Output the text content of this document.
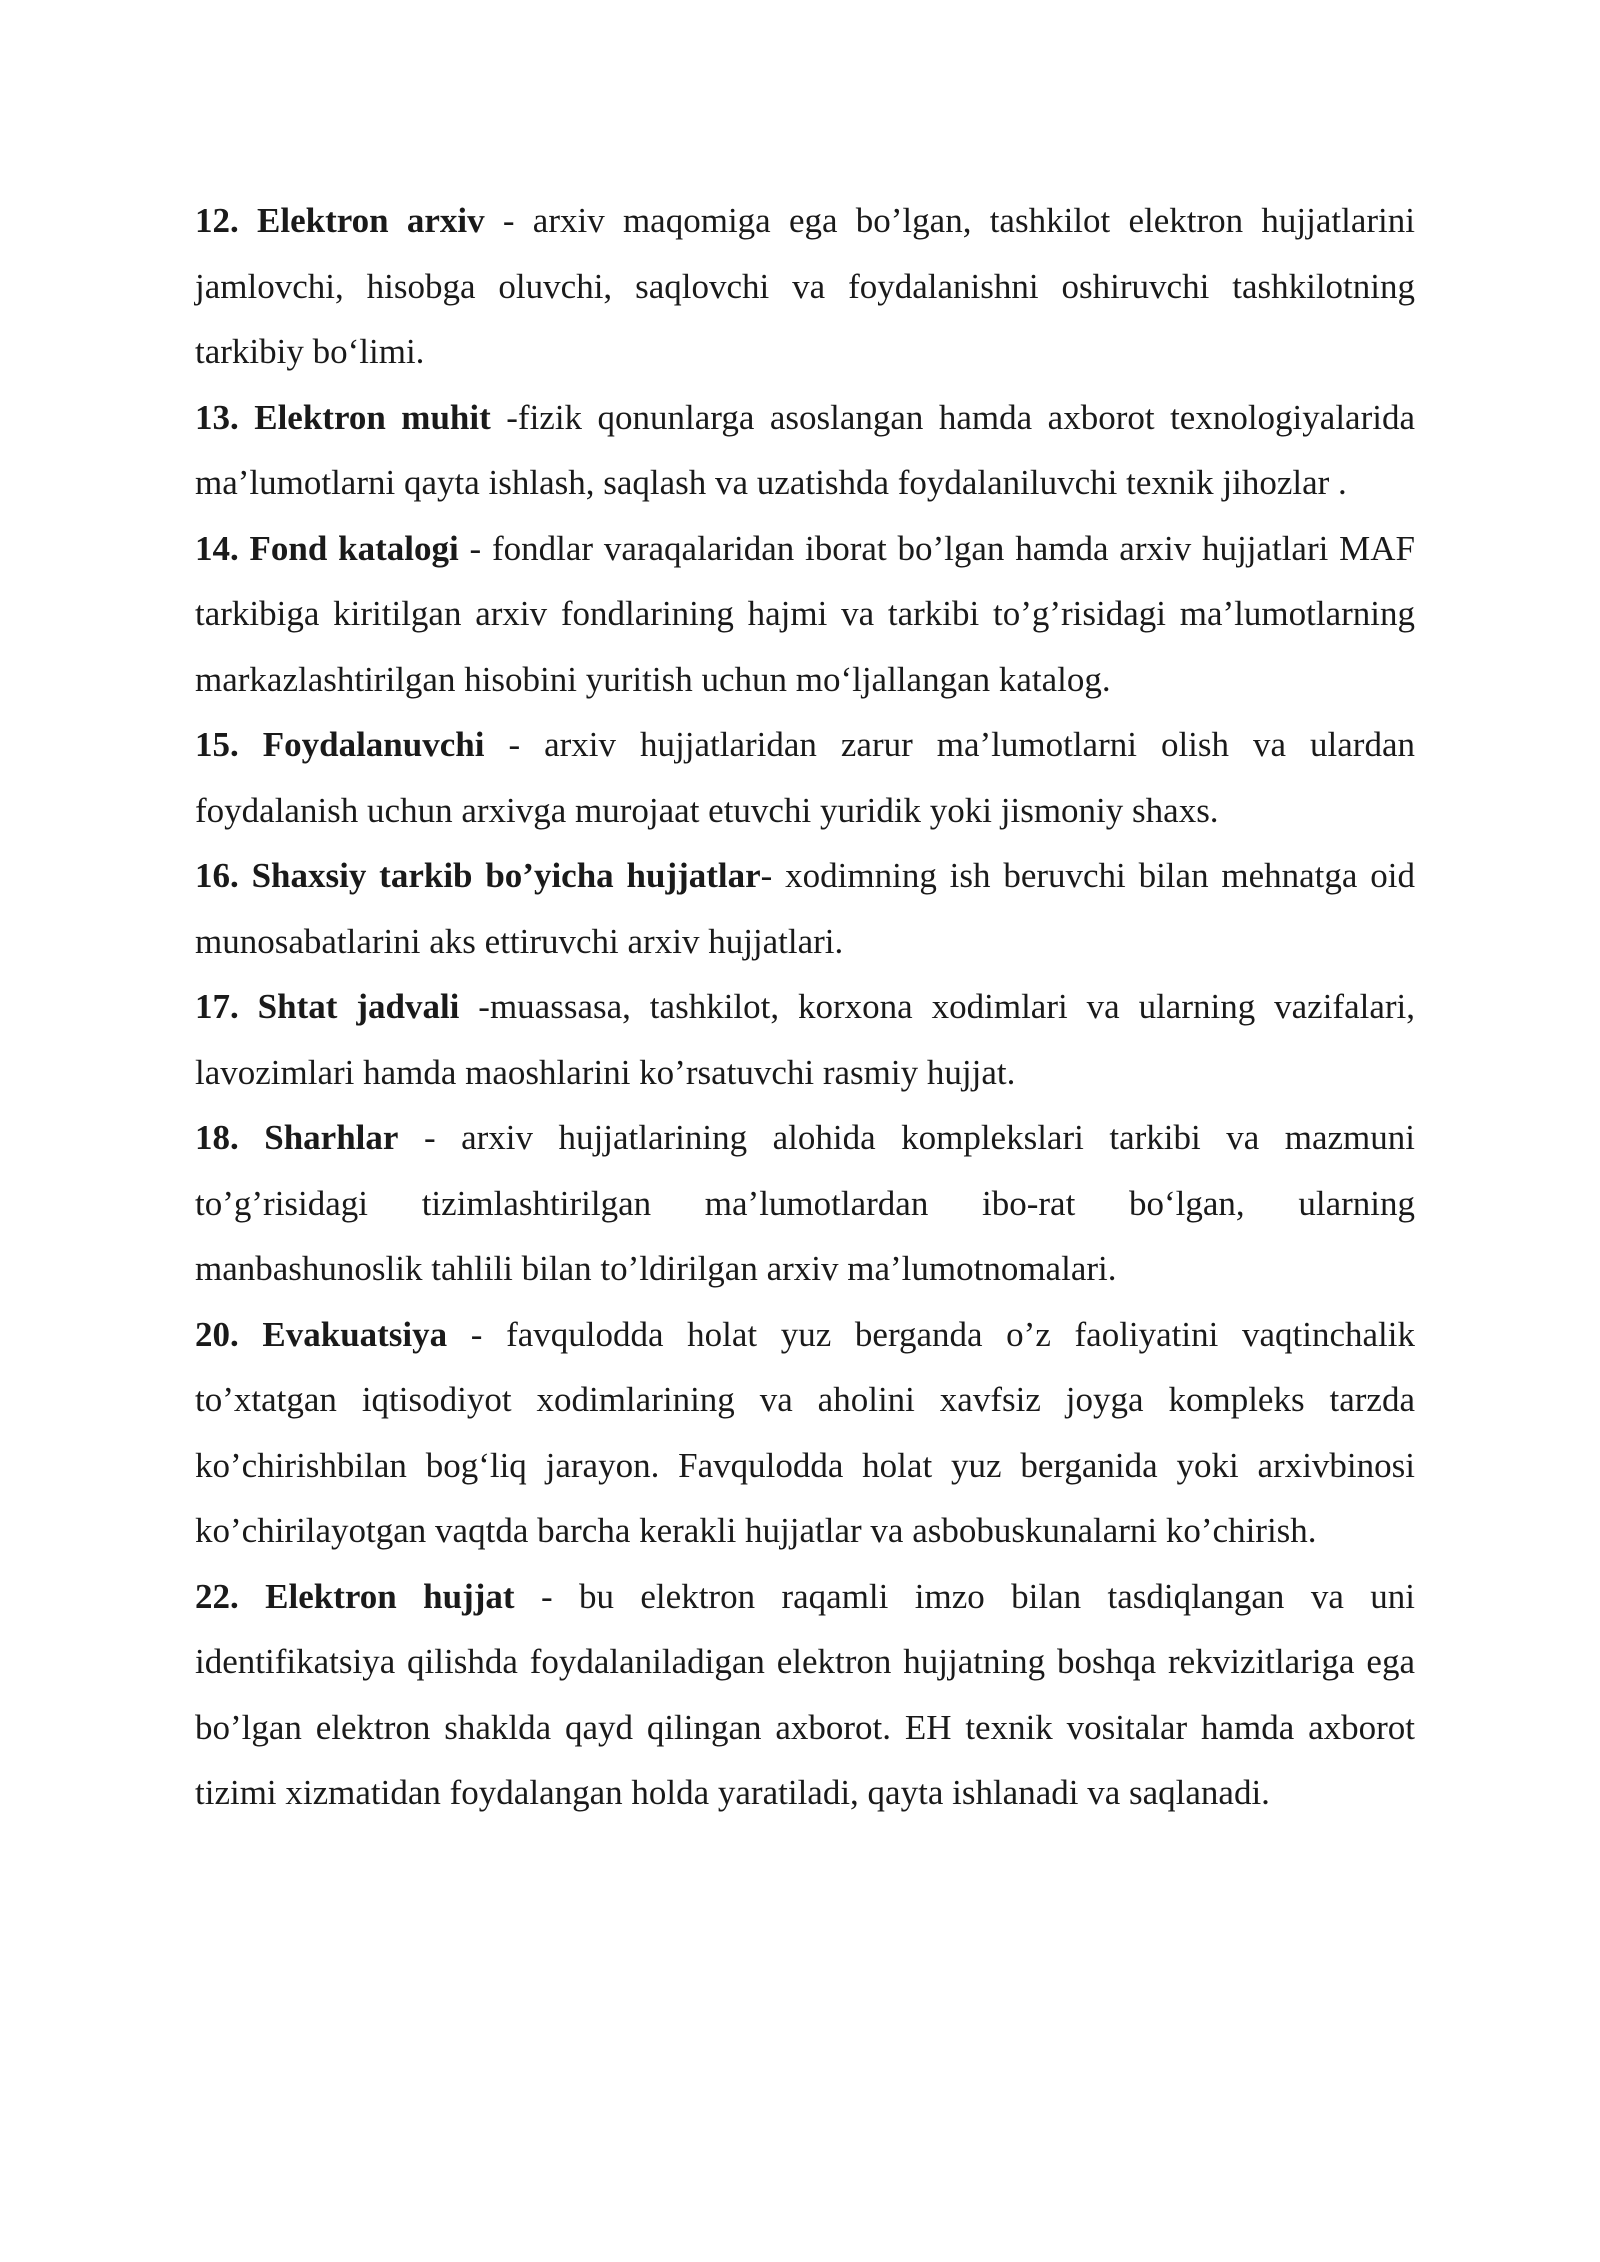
12. Elektron arxiv - arxiv maqomiga ega bo’lgan, tashkilot elektron hujjatlarini jamlovchi, hisobga oluvchi, saqlovchi va foydalanishni oshiruvchi tashkilotning tarkibiy bo‘limi.

13. Elektron muhit -fizik qonunlarga asoslangan hamda axborot texnologiyalarida ma’lumotlarni qayta ishlash, saqlash va uzatishda foydalaniluvchi texnik jihozlar .

14. Fond katalogi - fondlar varaqalaridan iborat bo’lgan hamda arxiv hujjatlari MAF tarkibiga kiritilgan arxiv fondlarining hajmi va tarkibi to’g’risidagi ma’lumotlarning markazlashtirilgan hisobini yuritish uchun mo‘ljallangan katalog.

15. Foydalanuvchi - arxiv hujjatlaridan zarur ma’lumotlarni olish va ulardan foydalanish uchun arxivga murojaat etuvchi yuridik yoki jismoniy shaxs.

16. Shaxsiy tarkib bo’yicha hujjatlar- xodimning ish beruvchi bilan mehnatga oid munosabatlarini aks ettiruvchi arxiv hujjatlari.

17. Shtat jadvali -muassasa, tashkilot, korxona xodimlari va ularning vazifalari, lavozimlari hamda maoshlarini ko’rsatuvchi rasmiy hujjat.

18. Sharhlar - arxiv hujjatlarining alohida komplekslari tarkibi va mazmuni to’g’risidagi tizimlashtirilgan ma’lumotlardan ibo-rat bo‘lgan, ularning manbashunoslik tahlili bilan to’ldirilgan arxiv ma’lumotnomalari.

20. Evakuatsiya - favqulodda holat yuz berganda o’z faoliyatini vaqtinchalik to’xtatgan iqtisodiyot xodimlarining va aholini xavfsiz joyga kompleks tarzda ko’chirishbilan bog‘liq jarayon. Favqulodda holat yuz berganida yoki arxivbinosi ko’chirilayotgan vaqtda barcha kerakli hujjatlar va asbobuskunalarni ko’chirish.

22. Elektron hujjat - bu elektron raqamli imzo bilan tasdiqlangan va uni identifikatsiya qilishda foydalaniladigan elektron hujjatning boshqa rekvizitlariga ega bo’lgan elektron shaklda qayd qilingan axborot. EH texnik vositalar hamda axborot tizimi xizmatidan foydalangan holda yaratiladi, qayta ishlanadi va saqlanadi.
